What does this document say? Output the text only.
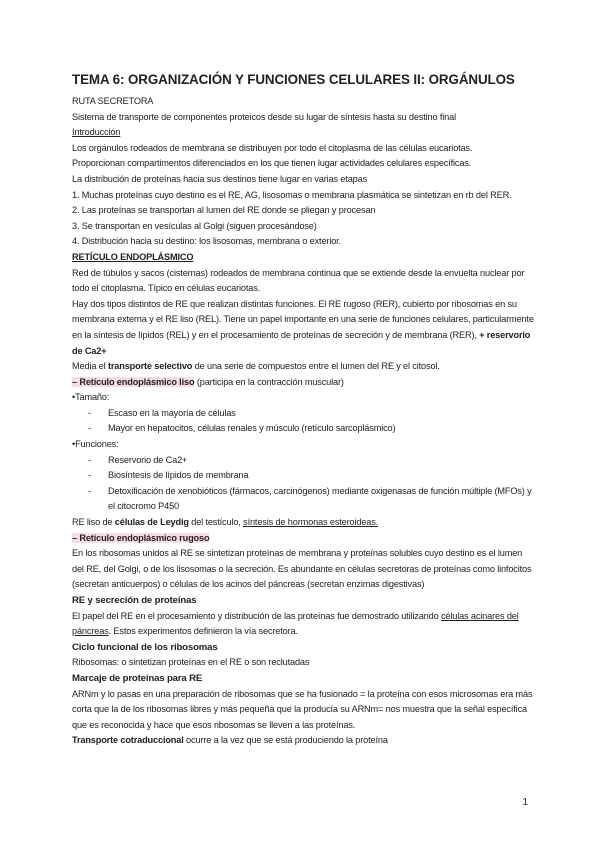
TEMA 6: ORGANIZACIÓN Y FUNCIONES CELULARES II: ORGÁNULOS

RUTA SECRETORA

Sistema de transporte de componentes proteicos desde su lugar de síntesis hasta su destino final

Introducción

Los orgánulos rodeados de membrana se distribuyen por todo el citoplasma de las células eucariotas.

Proporcionan compartimentos diferenciados en los que tienen lugar actividades celulares específicas.

La distribución de proteínas hacia sus destinos tiene lugar en varias etapas

1. Muchas proteínas cuyo destino es el RE, AG, lisosomas o membrana plasmática se sintetizan en rb del RER.

2. Las proteínas se transportan al lumen del RE donde se pliegan y procesan

3. Se transportan en vesículas al Golgi (siguen procesándose)

4. Distribución hacia su destino: los lisosomas, membrana o exterior.

RETÍCULO ENDOPLÁSMICO

Red de túbulos y sacos (cisternas) rodeados de membrana continua que se extiende desde la envuelta nuclear por todo el citoplasma. Típico en células eucariotas.

Hay dos tipos distintos de RE que realizan distintas funciones. El RE rugoso (RER), cubierto por ribosomas en su membrana externa y el RE liso (REL). Tiene un papel importante en una serie de funciones celulares, particularmente en la síntesis de lípidos (REL) y en el procesamiento de proteínas de secreción y de membrana (RER), + reservorio de Ca2+

Media el transporte selectivo de una serie de compuestos entre el lumen del RE y el citosol.

– Retículo endoplásmico liso (participa en la contracción muscular)

•Tamaño:

- Escaso en la mayoría de células
- Mayor en hepatocitos, células renales y músculo (retículo sarcoplásmico)

•Funciones:

- Reservorio de Ca2+
- Biosíntesis de lípidos de membrana
- Detoxificación de xenobióticos (fármacos, carcinógenos) mediante oxigenasas de función múltiple (MFOs) y el citocromo P450

RE liso de células de Leydig del testículo, síntesis de hormonas esteroideas.

– Retículo endoplásmico rugoso

En los ribosomas unidos al RE se sintetizan proteínas de membrana y proteínas solubles cuyo destino es el lumen del RE, del Golgi, o de los lisosomas o la secreción. Es abundante en células secretoras de proteínas como linfocitos (secretan anticuerpos) o células de los acinos del páncreas (secretan enzimas digestivas)

RE y secreción de proteínas

El papel del RE en el procesamiento y distribución de las proteínas fue demostrado utilizando células acinares del páncreas. Estos experimentos definieron la vía secretora.

Ciclo funcional de los ribosomas

Ribosomas: o sintetizan proteínas en el RE o son reclutadas

Marcaje de proteínas para RE

ARNm y lo pasas en una preparación de ribosomas que se ha fusionado = la proteína con esos microsomas era más corta que la de los ribosomas libres y más pequeña que la producía su ARNm= nos muestra que la señal específica que es reconocida y hace que esos ribosomas se lleven a las proteínas.

Transporte cotraduccional ocurre a la vez que se está produciendo la proteína

1
